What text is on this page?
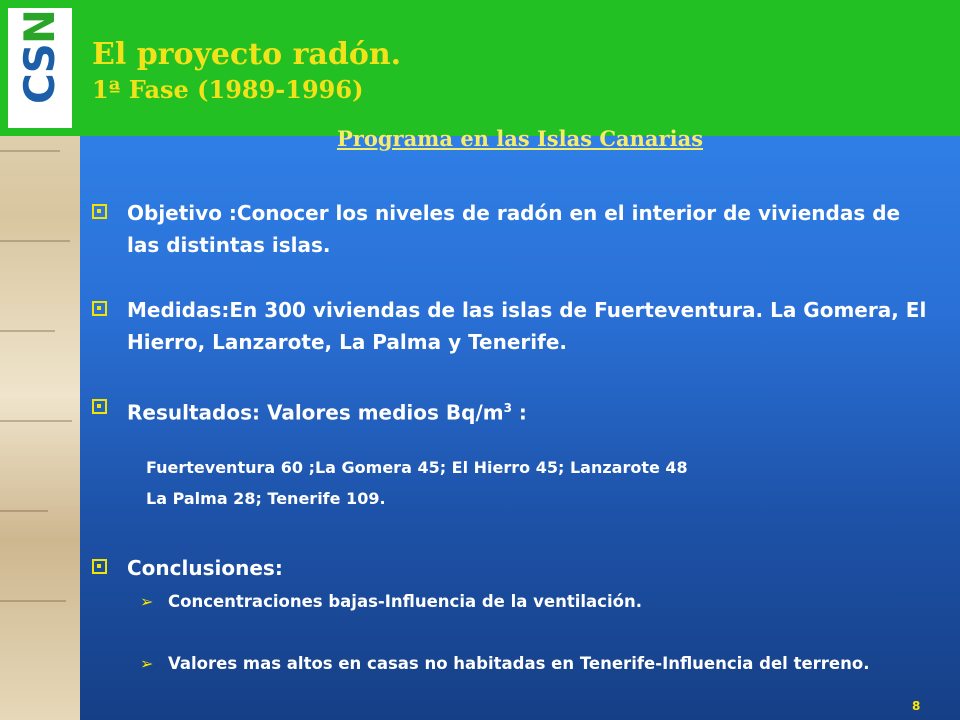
CSN
El proyecto radón.
1ª Fase (1989-1996)
Programa en las Islas Canarias
Objetivo :Conocer los niveles de radón en el interior de viviendas de las distintas islas.
Medidas:En 300 viviendas de las islas de Fuerteventura. La Gomera, El Hierro, Lanzarote, La Palma y Tenerife.
Resultados: Valores medios $Bq/m^3$ :
Fuerteventura 60 ;La Gomera 45; El Hierro 45; Lanzarote 48
La Palma 28; Tenerife 109.
Conclusiones:
➢ Concentraciones bajas-Influencia de la ventilación.
➢ Valores mas altos en casas no habitadas en Tenerife-Influencia del terreno.
8
